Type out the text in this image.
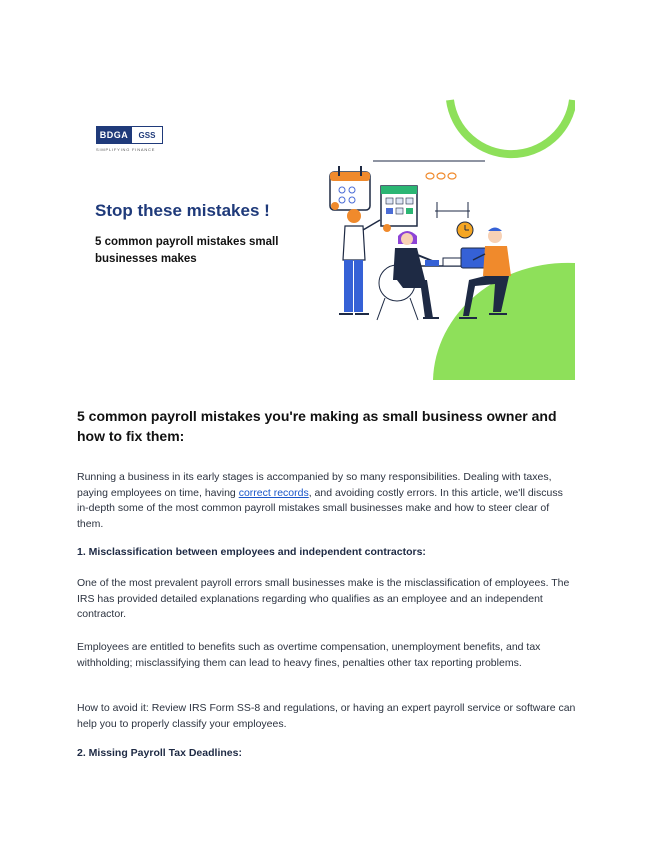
BDGA	GSS
SIMPLIFYING FINANCE
Stop these mistakes !
5 common payroll mistakes small businesses makes
5 common payroll mistakes you're making as small business owner and how to fix them:
Running a business in its early stages is accompanied by so many responsibilities. Dealing with taxes, paying employees on time, having correct records, and avoiding costly errors. In this article, we'll discuss in-depth some of the most common payroll mistakes small businesses make and how to steer clear of them.
1. Misclassification between employees and independent contractors:
One of the most prevalent payroll errors small businesses make is the misclassification of employees. The IRS has provided detailed explanations regarding who qualifies as an employee and an independent contractor.
Employees are entitled to benefits such as overtime compensation, unemployment benefits, and tax withholding; misclassifying them can lead to heavy fines, penalties other tax reporting problems.
How to avoid it: Review IRS Form SS-8 and regulations, or having an expert payroll service or software can help you to properly classify your employees.
2. Missing Payroll Tax Deadlines:
